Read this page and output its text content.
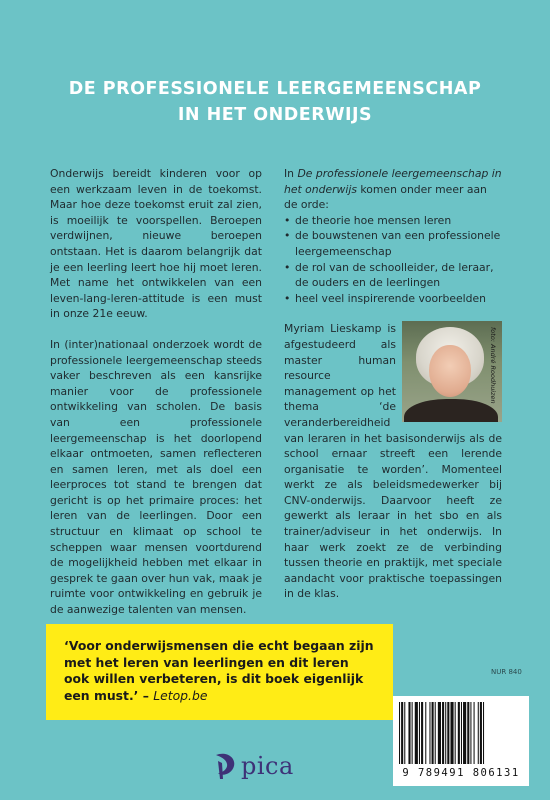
DE PROFESSIONELE LEERGEMEENSCHAP
IN HET ONDERWIJS

Onderwijs bereidt kinderen voor op een werkzaam leven in de toekomst. Maar hoe deze toekomst eruit zal zien, is moeilijk te voorspellen. Beroepen verdwijnen, nieuwe beroepen ontstaan. Het is daarom belangrijk dat je een leerling leert hoe hij moet leren. Met name het ontwikkelen van een leven-lang-leren-attitude is een must in onze 21e eeuw.

In (inter)nationaal onderzoek wordt de professionele leergemeenschap steeds vaker beschreven als een kansrijke manier voor de professionele ontwikkeling van scholen. De basis van een professionele leergemeenschap is het doorlopend elkaar ontmoeten, samen reflecteren en samen leren, met als doel een leerproces tot stand te brengen dat gericht is op het primaire proces: het leren van de leerlingen. Door een structuur en klimaat op school te scheppen waar mensen voortdurend de mogelijkheid hebben met elkaar in gesprek te gaan over hun vak, maak je ruimte voor ontwikkeling en gebruik je de aanwezige talenten van mensen.

In De professionele leergemeenschap in het onderwijs komen onder meer aan de orde:

• de theorie hoe mensen leren
• de bouwstenen van een professionele leergemeenschap
• de rol van de schoolleider, de leraar, de ouders en de leerlingen
• heel veel inspirerende voorbeelden
foto: André Roodhuizen

Myriam Lieskamp is afgestudeerd als master human resource management op het thema ‘de veranderbereidheid van leraren in het basisonderwijs als de school ernaar streeft een lerende organisatie te worden’. Momenteel werkt ze als beleidsmedewerker bij CNV-onderwijs. Daarvoor heeft ze gewerkt als leraar in het sbo en als trainer/adviseur in het onderwijs. In haar werk zoekt ze de verbinding tussen theorie en praktijk, met speciale aandacht voor praktische toepassingen in de klas.

‘Voor onderwijsmensen die echt begaan zijn met het leren van leerlingen en dit leren ook willen verbeteren, is dit boek eigenlijk een must.’ – Letop.be
NUR 840
9 789491 806131
pica
